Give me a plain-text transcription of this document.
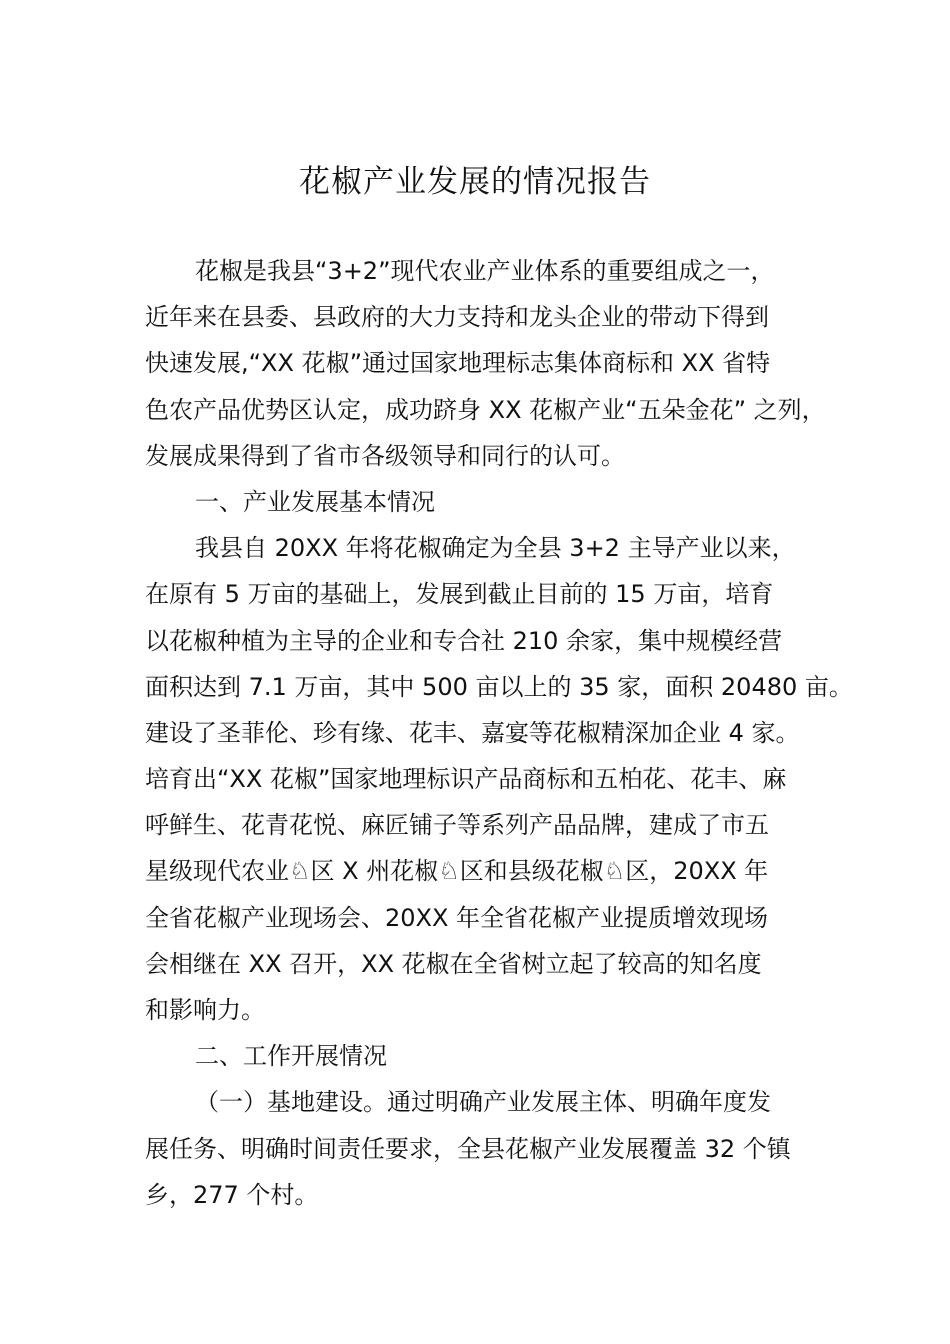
花椒产业发展的情况报告
花椒是我县“3+2”现代农业产业体系的重要组成之一，
近年来在县委、县政府的大力支持和龙头企业的带动下得到
快速发展,“XX 花椒”通过国家地理标志集体商标和 XX 省特
色农产品优势区认定，成功跻身 XX 花椒产业“五朵金花” 之列，
发展成果得到了省市各级领导和同行的认可。
一、产业发展基本情况
我县自 20XX 年将花椒确定为全县 3+2 主导产业以来，
在原有 5 万亩的基础上，发展到截止目前的 15 万亩，培育
以花椒种植为主导的企业和专合社 210 余家，集中规模经营
面积达到 7.1 万亩，其中 500 亩以上的 35 家，面积 20480 亩。
建设了圣菲伦、珍有缘、花丰、嘉宴等花椒精深加企业 4 家。
培育出“XX 花椒”国家地理标识产品商标和五柏花、花丰、麻
呼鲜生、花青花悦、麻匠铺子等系列产品品牌，建成了市五
星级现代农业♘区 X 州花椒♘区和县级花椒♘区，20XX 年
全省花椒产业现场会、20XX 年全省花椒产业提质增效现场
会相继在 XX 召开，XX 花椒在全省树立起了较高的知名度
和影响力。
二、工作开展情况
（一）基地建设。通过明确产业发展主体、明确年度发
展任务、明确时间责任要求，全县花椒产业发展覆盖 32 个镇
乡，277 个村。
